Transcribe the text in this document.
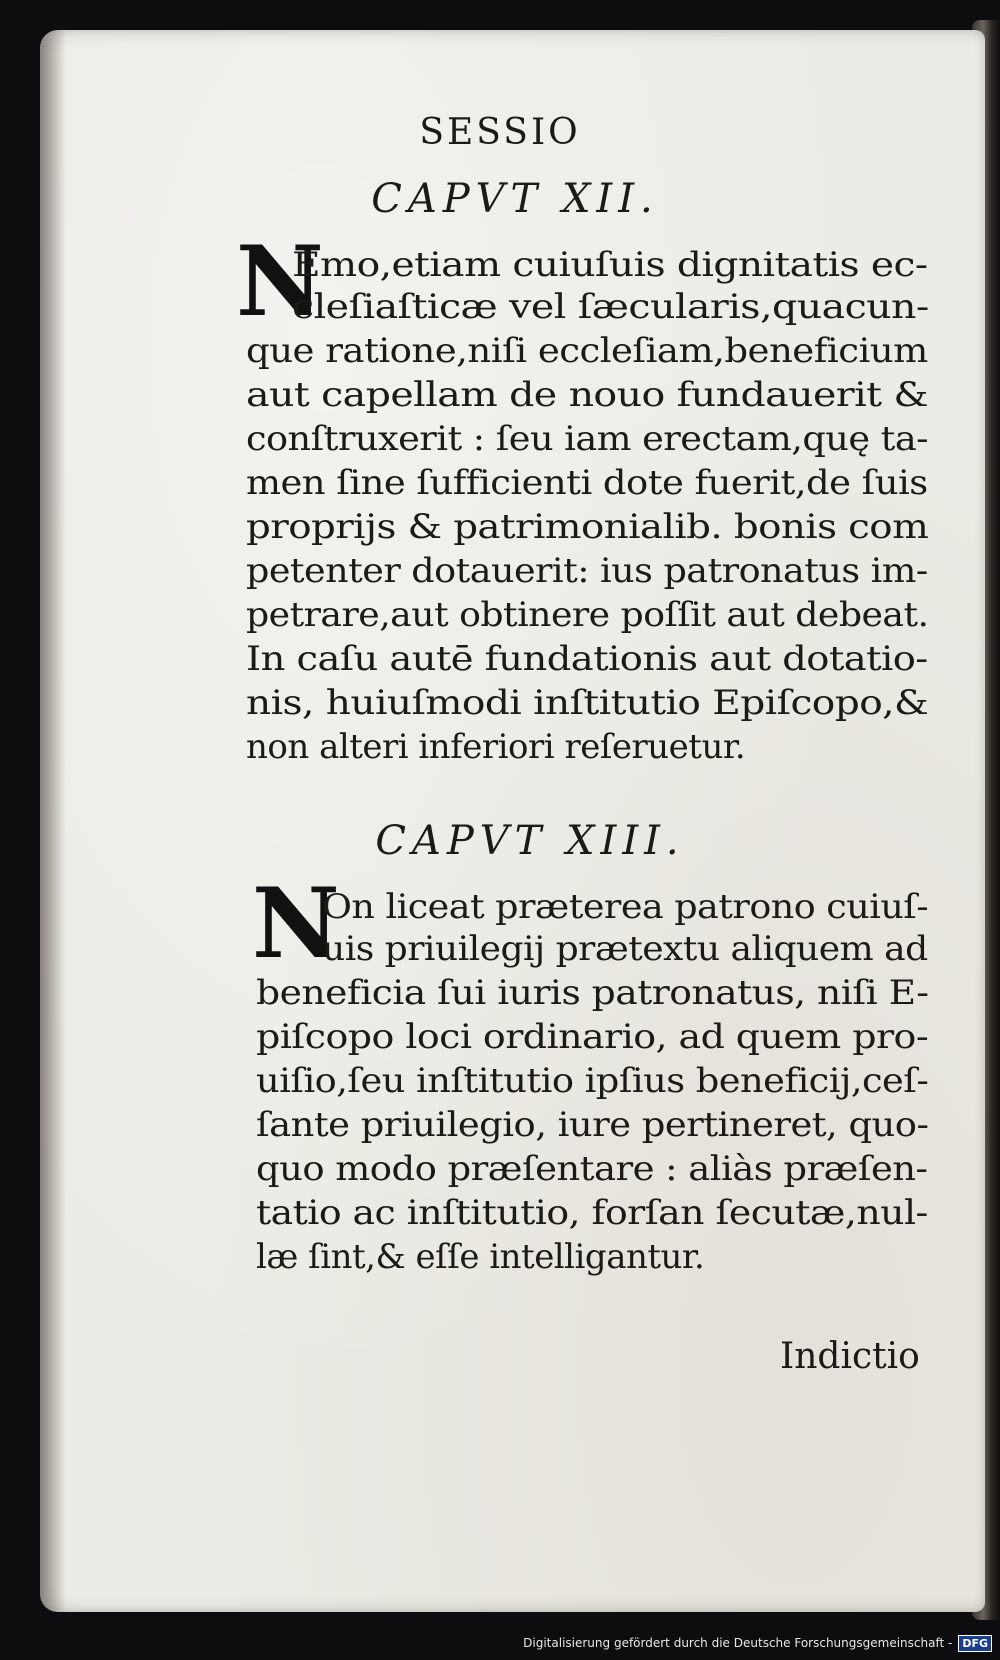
SESSIO
CAPVT XII.
N
Emo,etiam cuiuſuis dignitatis ec-
cleſiaſticæ vel ſæcularis,quacun-
que ratione,niſi eccleſiam,beneficium
aut capellam de nouo fundauerit &
conſtruxerit : ſeu iam erectam,quę ta-
men ſine ſufficienti dote fuerit,de ſuis
proprijs & patrimonialib. bonis com
petenter dotauerit: ius patronatus im-
petrare,aut obtinere poſſit aut debeat.
In caſu autē fundationis aut dotatio-
nis, huiuſmodi inſtitutio Epiſcopo,&
non alteri inferiori reſeruetur.
CAPVT XIII.
N
On liceat prætereа patrono cuiuſ-
uis priuilegij prætextu aliquem ad
beneficia ſui iuris patronatus, niſi E-
piſcopo loci ordinario, ad quem pro-
uiſio,ſeu inſtitutio ipſius beneficij,ceſ-
ſante priuilegio, iure pertineret, quo-
quo modo præſentare : aliàs præſen-
tatio ac inſtitutio, forſan ſecutæ,nul-
læ ſint,& eſſe intelligantur.
Indictio
Digitalisierung gefördert durch die Deutsche Forschungsgemeinschaft - DFG
